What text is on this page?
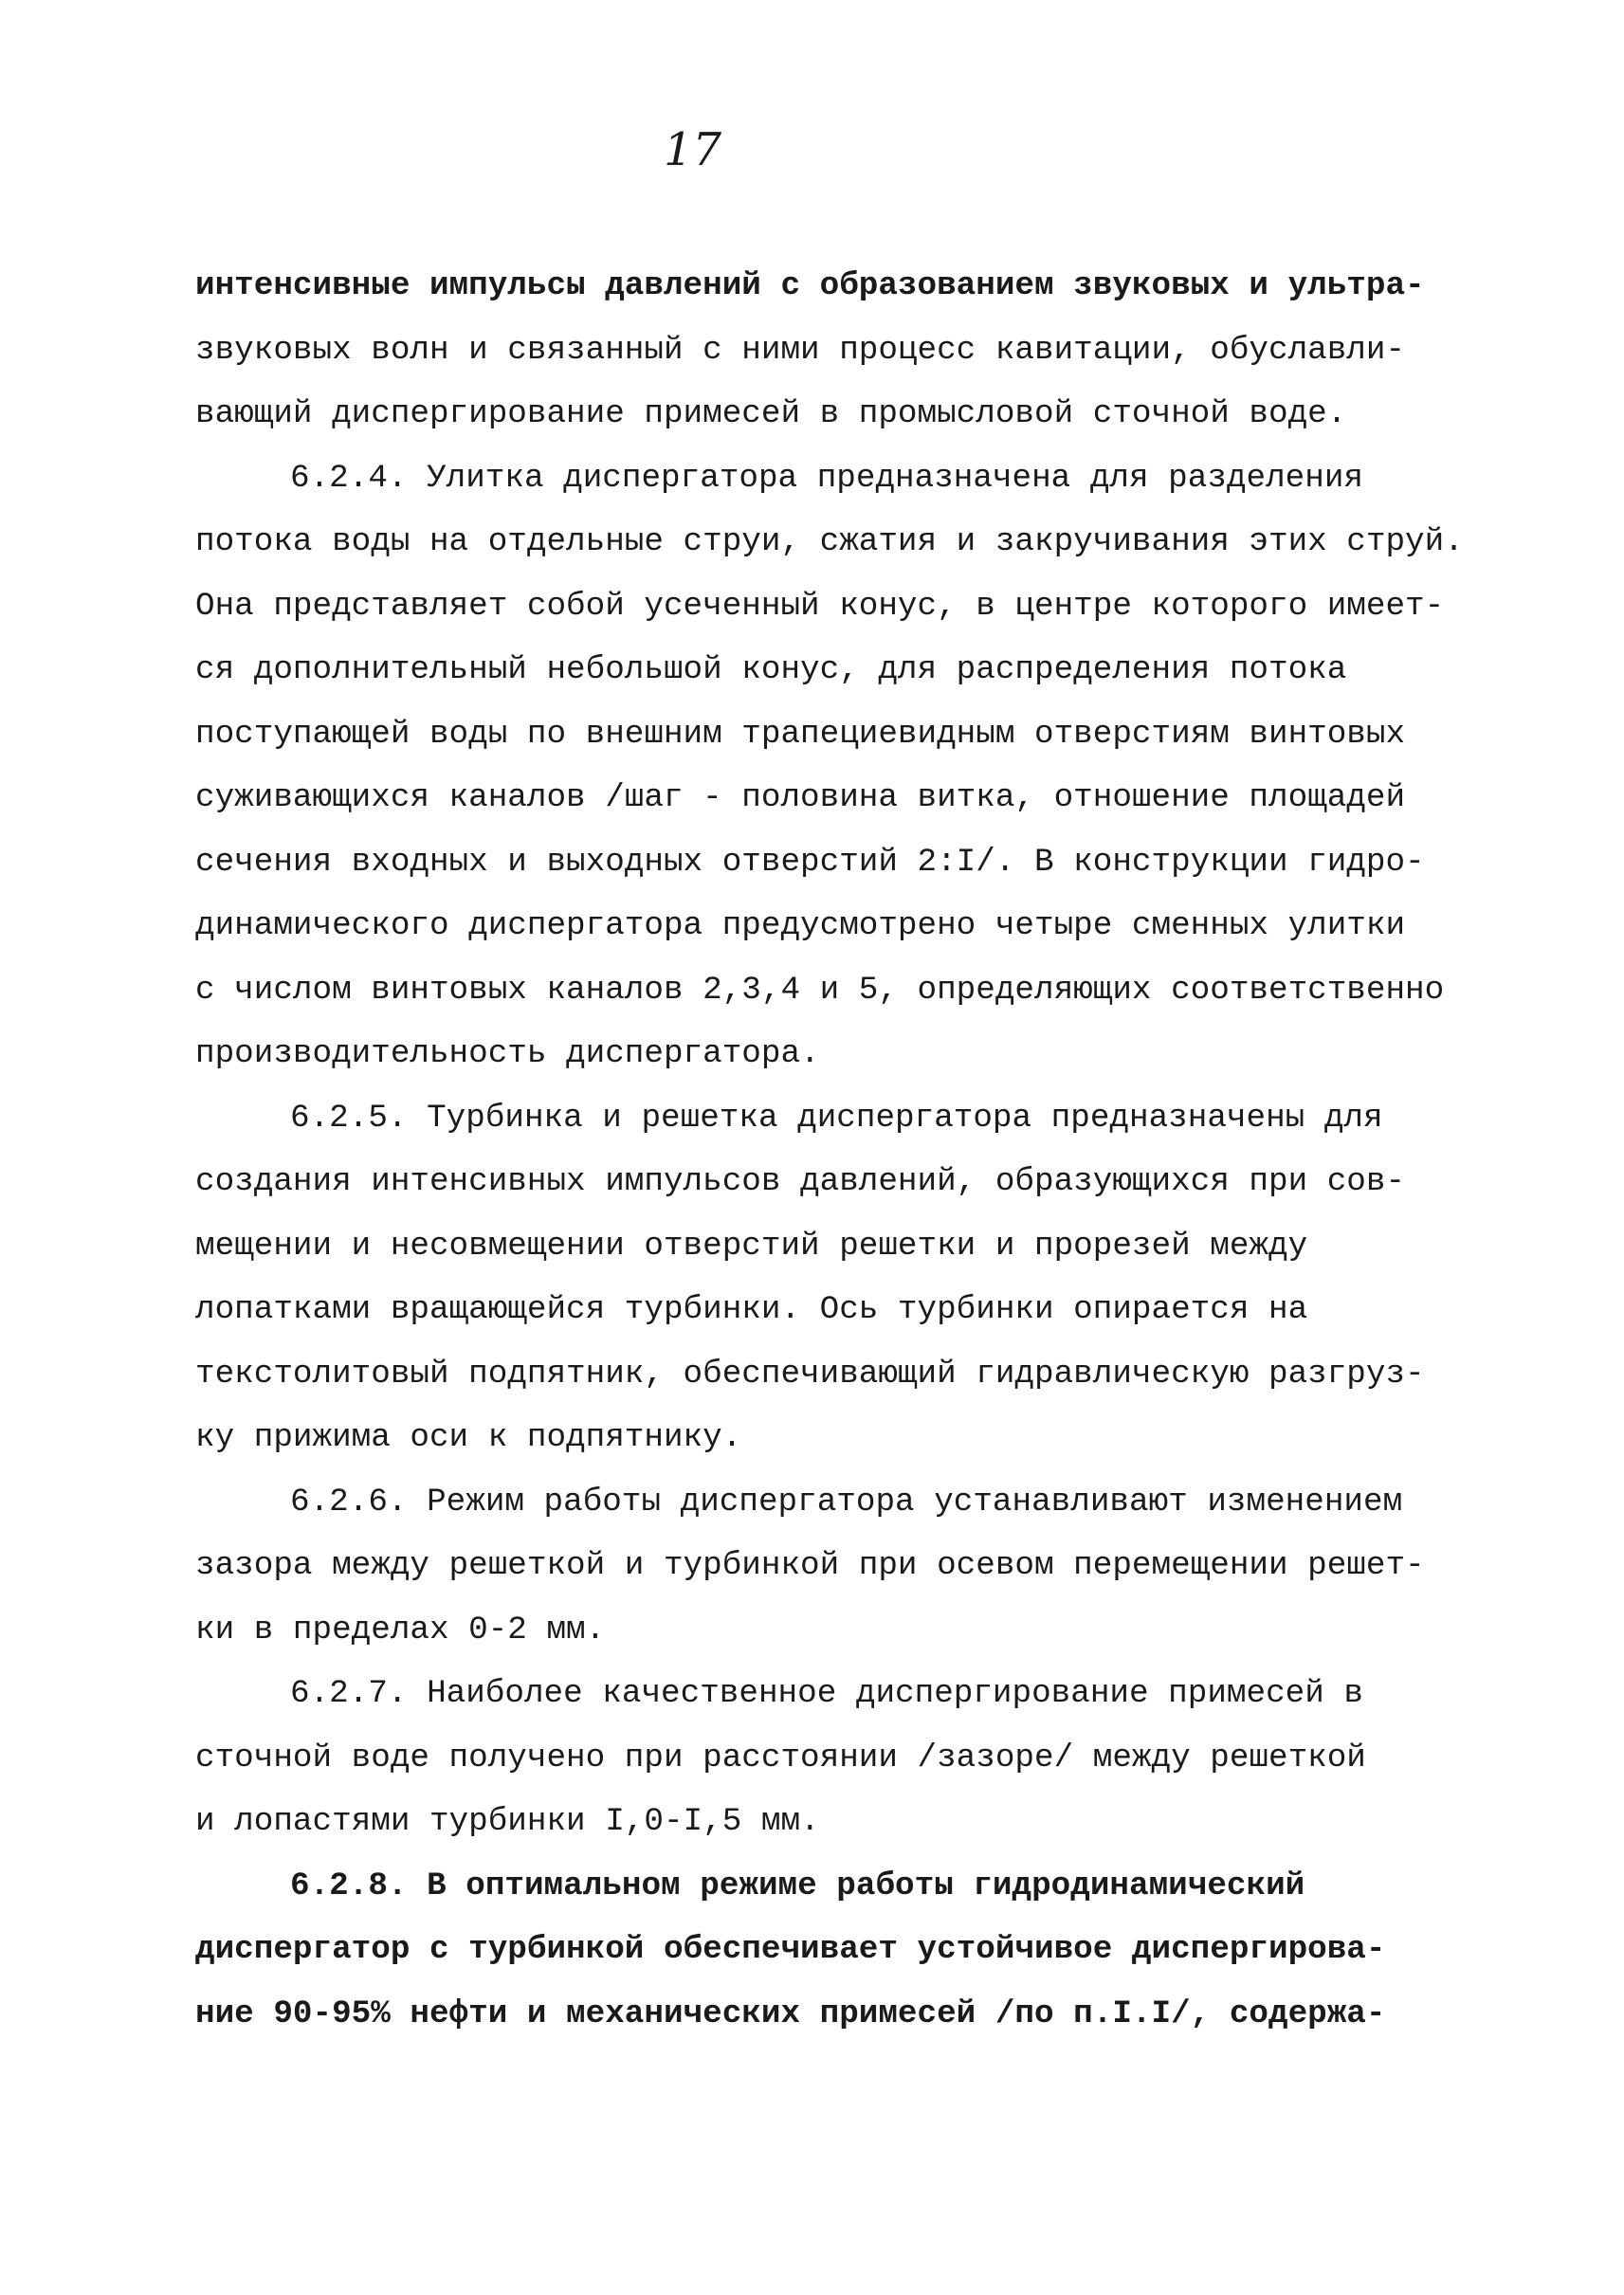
17
интенсивные импульсы давлений с образованием звуковых и ультра-
звуковых волн и связанный с ними процесс кавитации, обуславли-
вающий диспергирование примесей в промысловой сточной воде.
6.2.4. Улитка диспергатора предназначена для разделения
потока воды на отдельные струи, сжатия и закручивания этих струй.
Она представляет собой усеченный конус, в центре которого имеет-
ся дополнительный небольшой конус, для распределения потока
поступающей воды по внешним трапециевидным отверстиям винтовых
суживающихся каналов /шаг - половина витка, отношение площадей
сечения входных и выходных отверстий 2:I/. В конструкции гидро-
динамического диспергатора предусмотрено четыре сменных улитки
с числом винтовых каналов 2,3,4 и 5, определяющих соответственно
производительность диспергатора.
6.2.5. Турбинка и решетка диспергатора предназначены для
создания интенсивных импульсов давлений, образующихся при сов-
мещении и несовмещении отверстий решетки и прорезей между
лопатками вращающейся турбинки. Ось турбинки опирается на
текстолитовый подпятник, обеспечивающий гидравлическую разгруз-
ку прижима оси к подпятнику.
6.2.6. Режим работы диспергатора устанавливают изменением
зазора между решеткой и турбинкой при осевом перемещении решет-
ки в пределах 0-2 мм.
6.2.7. Наиболее качественное диспергирование примесей в
сточной воде получено при расстоянии /зазоре/ между решеткой
и лопастями турбинки I,0-I,5 мм.
6.2.8. В оптимальном режиме работы гидродинамический
диспергатор с турбинкой обеспечивает устойчивое диспергирова-
ние 90-95% нефти и механических примесей /по п.I.I/, содержа-
